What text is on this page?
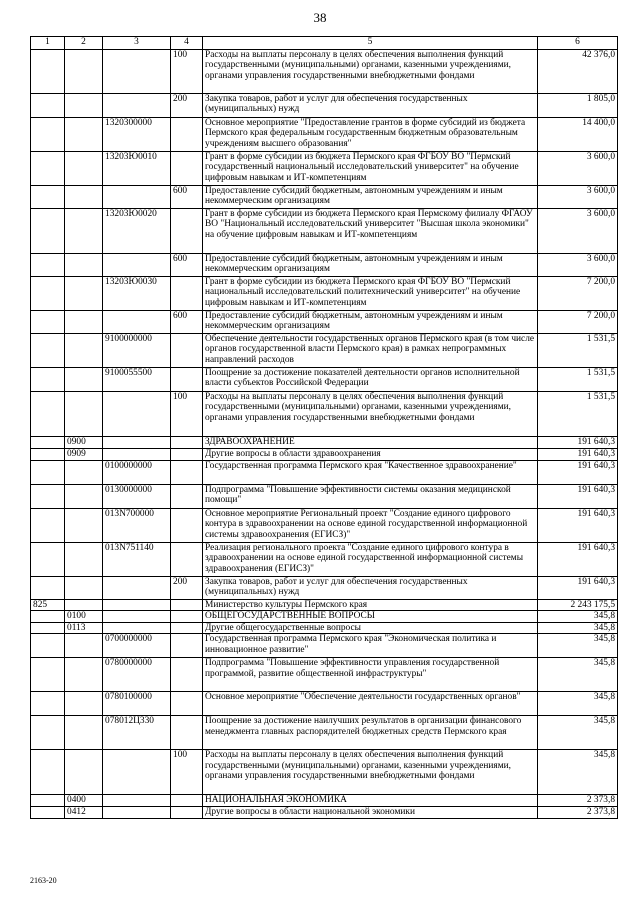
38
1	2	3	4	5	6
			100	Расходы на выплаты персоналу в целях обеспечения выполнения функций государственными (муниципальными) органами, казенными учреждениями, органами управления государственными внебюджетными фондами	42 376,0
			200	Закупка товаров, работ и услуг для обеспечения государственных (муниципальных) нужд	1 805,0
		1320300000		Основное мероприятие "Предоставление грантов в форме субсидий из бюджета Пермского края федеральным государственным бюджетным образовательным учреждениям высшего образования"	14 400,0
		13203Ю0010		Грант в форме субсидии из бюджета Пермского края ФГБОУ ВО "Пермский государственный национальный исследовательский университет" на обучение цифровым навыкам и ИТ-компетенциям	3 600,0
			600	Предоставление субсидий бюджетным, автономным учреждениям и иным некоммерческим организациям	3 600,0
		13203Ю0020		Грант в форме субсидии из бюджета Пермского края Пермскому филиалу ФГАОУ ВО "Национальный исследовательский университет "Высшая школа экономики" на обучение цифровым навыкам и ИТ-компетенциям	3 600,0
			600	Предоставление субсидий бюджетным, автономным учреждениям и иным некоммерческим организациям	3 600,0
		13203Ю0030		Грант в форме субсидии из бюджета Пермского края ФГБОУ ВО "Пермский национальный исследовательский политехнический университет" на обучение цифровым навыкам и ИТ-компетенциям	7 200,0
			600	Предоставление субсидий бюджетным, автономным учреждениям и иным некоммерческим организациям	7 200,0
		9100000000		Обеспечение деятельности государственных органов Пермского края (в том числе органов государственной власти Пермского края) в рамках непрограммных направлений расходов	1 531,5
		9100055500		Поощрение за достижение показателей деятельности органов исполнительной власти субъектов Российской Федерации	1 531,5
			100	Расходы на выплаты персоналу в целях обеспечения выполнения функций государственными (муниципальными) органами, казенными учреждениями, органами управления государственными внебюджетными фондами	1 531,5
	0900			ЗДРАВООХРАНЕНИЕ	191 640,3
	0909			Другие вопросы в области здравоохранения	191 640,3
		0100000000		Государственная программа Пермского края "Качественное здравоохранение"	191 640,3
		0130000000		Подпрограмма "Повышение эффективности системы оказания медицинской помощи"	191 640,3
		013N700000		Основное мероприятие Региональный проект "Создание единого цифрового контура в здравоохранении на основе единой государственной информационной системы здравоохранения (ЕГИСЗ)"	191 640,3
		013N751140		Реализация регионального проекта "Создание единого цифрового контура в здравоохранении на основе единой государственной информационной системы здравоохранения (ЕГИСЗ)"	191 640,3
			200	Закупка товаров, работ и услуг для обеспечения государственных (муниципальных) нужд	191 640,3
825				Министерство культуры Пермского края	2 243 175,5
	0100			ОБЩЕГОСУДАРСТВЕННЫЕ ВОПРОСЫ	345,8
	0113			Другие общегосударственные вопросы	345,8
		0700000000		Государственная программа Пермского края "Экономическая политика и инновационное развитие"	345,8
		0780000000		Подпрограмма "Повышение эффективности управления государственной программой, развитие общественной инфраструктуры"	345,8
		0780100000		Основное мероприятие "Обеспечение деятельности государственных органов"	345,8
		078012Ц330		Поощрение за достижение наилучших результатов в организации финансового менеджмента главных распорядителей бюджетных средств Пермского края	345,8
			100	Расходы на выплаты персоналу в целях обеспечения выполнения функций государственными (муниципальными) органами, казенными учреждениями, органами управления государственными внебюджетными фондами	345,8
	0400			НАЦИОНАЛЬНАЯ ЭКОНОМИКА	2 373,8
	0412			Другие вопросы в области национальной экономики	2 373,8
2163-20
